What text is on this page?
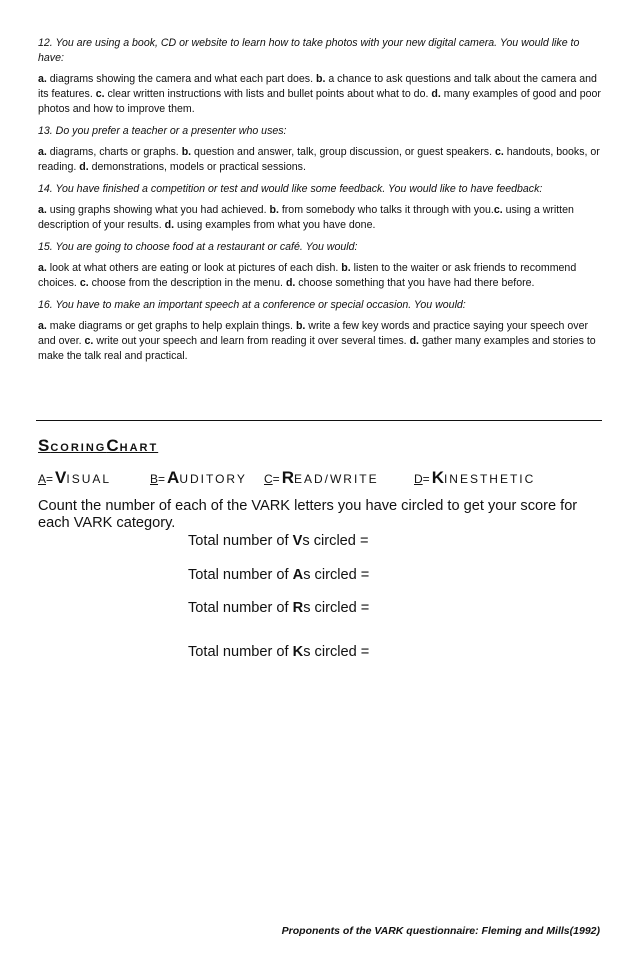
12. You are using a book, CD or website to learn how to take photos with your new digital camera. You would like to have:

a. diagrams showing the camera and what each part does. b. a chance to ask questions and talk about the camera and its features. c. clear written instructions with lists and bullet points about what to do. d. many examples of good and poor photos and how to improve them.

13. Do you prefer a teacher or a presenter who uses:

a. diagrams, charts or graphs. b. question and answer, talk, group discussion, or guest speakers. c. handouts, books, or reading. d. demonstrations, models or practical sessions.

14. You have finished a competition or test and would like some feedback. You would like to have feedback:

a. using graphs showing what you had achieved. b. from somebody who talks it through with you.c. using a written description of your results. d. using examples from what you have done.

15. You are going to choose food at a restaurant or café. You would:

a. look at what others are eating or look at pictures of each dish. b. listen to the waiter or ask friends to recommend choices. c. choose from the description in the menu. d. choose something that you have had there before.

16. You have to make an important speech at a conference or special occasion. You would:

a. make diagrams or get graphs to help explain things. b. write a few key words and practice saying your speech over and over. c. write out your speech and learn from reading it over several times. d. gather many examples and stories to make the talk real and practical.

SCORINGCHART
A=VISUAL	B=AUDITORY C=READ/WRITE	D=KINESTHETIC
Count the number of each of the VARK letters you have circled to get your score for each VARK category.
Total number of Vs circled =
Total number of As circled =
Total number of Rs circled =
Total number of Ks circled =
Proponents of the VARK questionnaire: Fleming and Mills(1992)
